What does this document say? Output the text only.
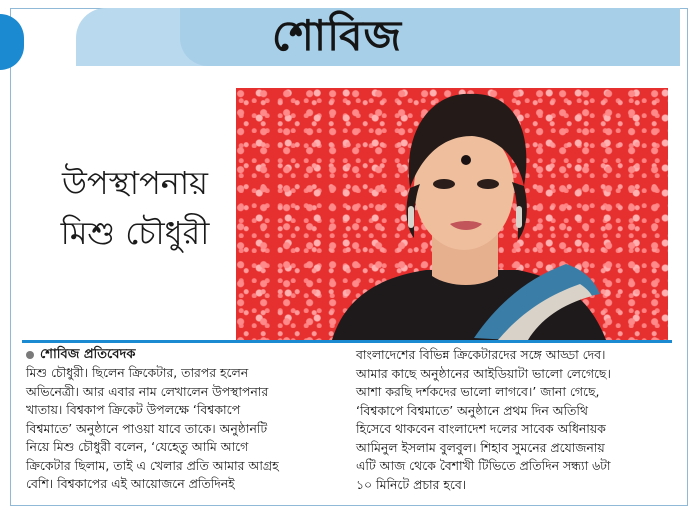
শোবিজ
উপস্থাপনায়
মিশু চৌধুরী
শোবিজ প্রতিবেদক
মিশু চৌধুরী। ছিলেন ক্রিকেটার, তারপর হলেন
অভিনেত্রী। আর এবার নাম লেখালেন উপস্থাপনার
খাতায়। বিশ্বকাপ ক্রিকেট উপলক্ষে ‘বিশ্বকাপে
বিশ্বমাতে’ অনুষ্ঠানে পাওয়া যাবে তাকে। অনুষ্ঠানটি
নিয়ে মিশু চৌধুরী বলেন, ‘যেহেতু আমি আগে
ক্রিকেটার ছিলাম, তাই এ খেলার প্রতি আমার আগ্রহ
বেশি। বিশ্বকাপের এই আয়োজনে প্রতিদিনই
বাংলাদেশের বিভিন্ন ক্রিকেটারদের সঙ্গে আড্ডা দেব।
আমার কাছে অনুষ্ঠানের আইডিয়াটা ভালো লেগেছে।
আশা করছি দর্শকদের ভালো লাগবে।’ জানা গেছে,
‘বিশ্বকাপে বিশ্বমাতে’ অনুষ্ঠানে প্রথম দিন অতিথি
হিসেবে থাকবেন বাংলাদেশ দলের সাবেক অধিনায়ক
আমিনুল ইসলাম বুলবুল। শিহাব সুমনের প্রযোজনায়
এটি আজ থেকে বৈশাখী টিভিতে প্রতিদিন সন্ধ্যা ৬টা
১০ মিনিটে প্রচার হবে।
